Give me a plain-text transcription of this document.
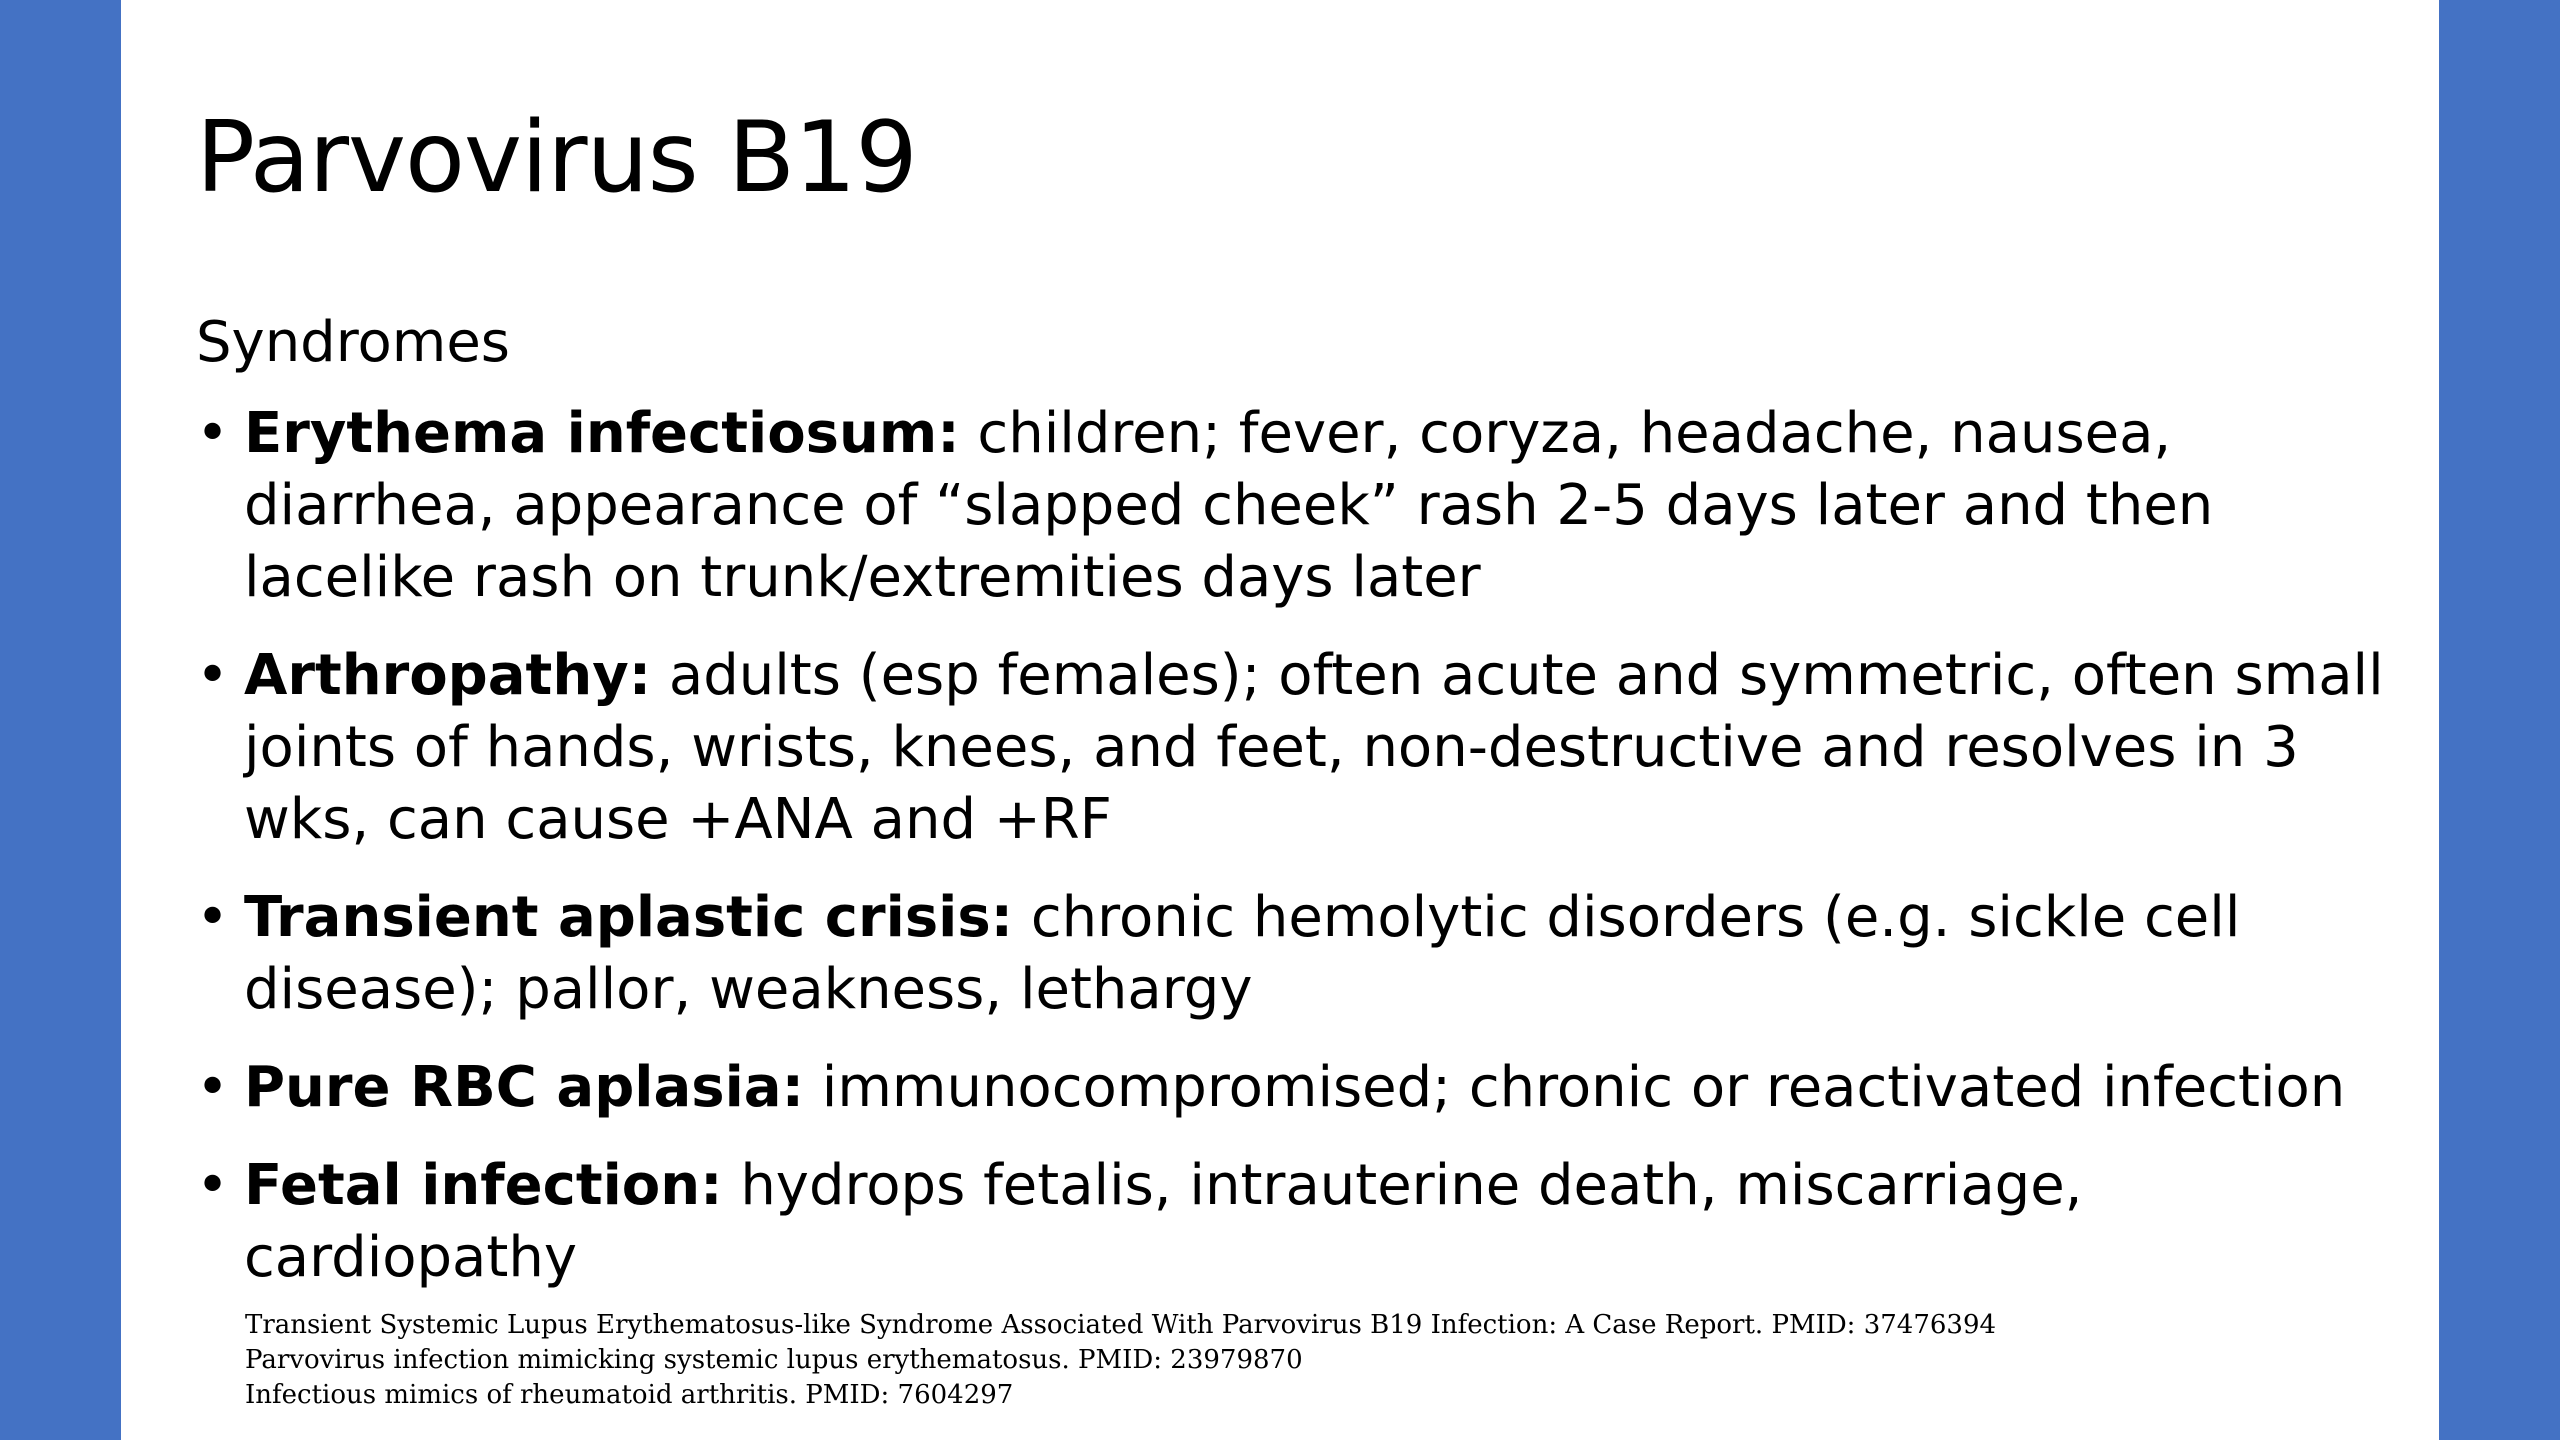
Parvovirus B19
Syndromes
• Erythema infectiosum: children; fever, coryza, headache, nausea, diarrhea, appearance of “slapped cheek” rash 2-5 days later and then lacelike rash on trunk/extremities days later
• Arthropathy: adults (esp females); often acute and symmetric, often small joints of hands, wrists, knees, and feet, non-destructive and resolves in 3 wks, can cause +ANA and +RF
• Transient aplastic crisis: chronic hemolytic disorders (e.g. sickle cell disease); pallor, weakness, lethargy
• Pure RBC aplasia: immunocompromised; chronic or reactivated infection
• Fetal infection: hydrops fetalis, intrauterine death, miscarriage, cardiopathy
Transient Systemic Lupus Erythematosus-like Syndrome Associated With Parvovirus B19 Infection: A Case Report. PMID: 37476394
Parvovirus infection mimicking systemic lupus erythematosus. PMID: 23979870
Infectious mimics of rheumatoid arthritis. PMID: 7604297
